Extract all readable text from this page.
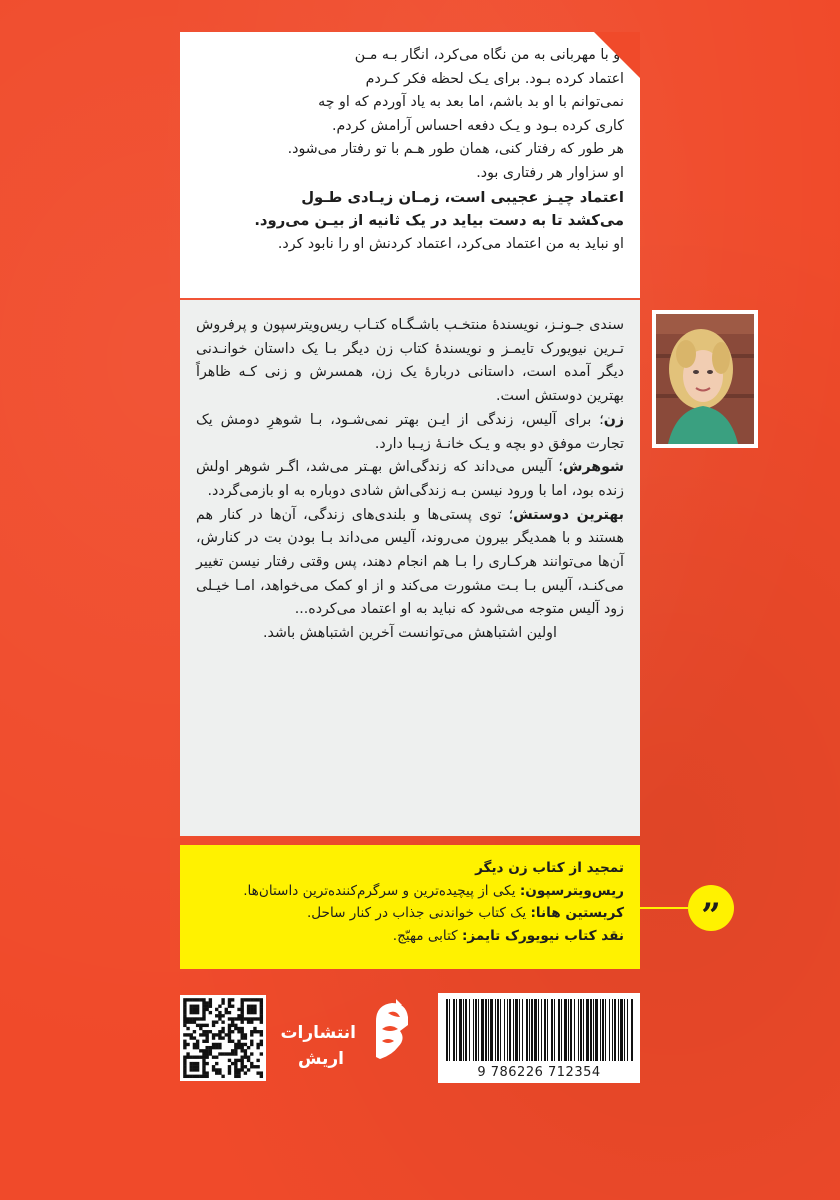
او با مهربانی به من نگاه می‌کرد، انگار بـه مـن

اعتماد کرده بـود. برای یـک لحظه فکر کـردم

نمی‌توانم با او بد باشم، اما بعد به یاد آوردم که او چه

کاری کرده بـود و یـک دفعه احساس آرامش کردم.

هر طور که رفتار کنی، همان طور هـم با تو رفتار می‌شود.

او سزاوار هر رفتاری بود.

اعتماد چیـز عجیبی است، زمـان زیـادی طـول

می‌کشد تا به دست بیاید در یک ثانیه از بیـن می‌رود.

او نباید به من اعتماد می‌کرد، اعتماد کردنش او را نابود کرد.

سندی جـونـز، نویسندهٔ منتخـب باشـگـاه کتـاب ریس‌ویترسپون و پرفروش تـرین نیویورک تایمـز و نویسندهٔ کتاب زن دیگر بـا یک داستان خوانـدنی دیگر آمده است، داستانی دربارهٔ یک زن، همسرش و زنی کـه ظاهراً بهترین دوستش است.

زن؛ برای آلیس، زندگی از ایـن بهتر نمی‌شـود، بـا شوهرِ دومش یک تجارت موفق دو بچه و یـک خانـهٔ زیـبا دارد.

شوهرش؛ آلیس می‌داند که زندگی‌اش بهـتر می‌شد، اگـر شوهر اولش زنده بود، اما با ورود نیسن بـه زندگی‌اش شادی دوباره به او بازمی‌گردد.

بهترین دوستش؛ توی پستی‌ها و بلندی‌های زندگی، آن‌ها در کنار هم هستند و با همدیگر بیرون می‌روند، آلیس می‌داند بـا بودن بت در کنارش، آن‌ها می‌توانند هرکـاری را بـا هم انجام دهند، پس وقتی رفتار نیسن تغییر می‌کنـد، آلیس بـا بـت مشورت می‌کند و از او کمک می‌خواهد، امـا خیـلی زود آلیس متوجه می‌شود که نباید به او اعتماد می‌کرده...

اولین اشتباهش می‌توانست آخرین اشتباهش باشد.

تمجید از کتاب زن دیگر

ریس‌ویترسپون: یکی از پیچیده‌ترین و سرگرم‌کننده‌ترین داستان‌ها.

کریستین هانا: یک کتاب خواندنی جذاب در کنار ساحل.

نقد کتاب نیویورک تایمز: کتابی مهیّج.	”
انتشارات
اریش
9 786226 712354
